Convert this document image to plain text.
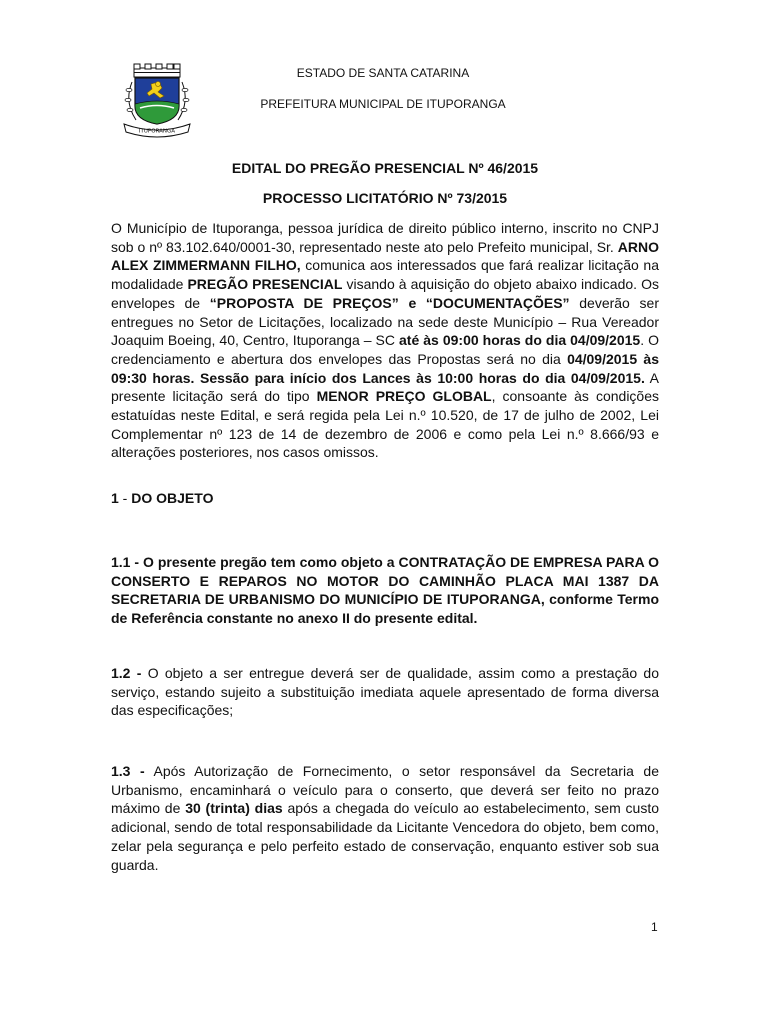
ITUPORANGA
ESTADO DE SANTA CATARINA
PREFEITURA MUNICIPAL DE ITUPORANGA
EDITAL DO PREGÃO PRESENCIAL Nº 46/2015
PROCESSO LICITATÓRIO Nº 73/2015

O Município de Ituporanga, pessoa jurídica de direito público interno, inscrito no CNPJ sob o nº 83.102.640/0001-30, representado neste ato pelo Prefeito municipal, Sr. ARNO ALEX ZIMMERMANN FILHO, comunica aos interessados que fará realizar licitação na modalidade PREGÃO PRESENCIAL visando à aquisição do objeto abaixo indicado. Os envelopes de “PROPOSTA DE PREÇOS” e “DOCUMENTAÇÕES” deverão ser entregues no Setor de Licitações, localizado na sede deste Município – Rua Vereador Joaquim Boeing, 40, Centro, Ituporanga – SC até às 09:00 horas do dia 04/09/2015. O credenciamento e abertura dos envelopes das Propostas será no dia 04/09/2015 às 09:30 horas. Sessão para início dos Lances às 10:00 horas do dia 04/09/2015. A presente licitação será do tipo MENOR PREÇO GLOBAL, consoante às condições estatuídas neste Edital, e será regida pela Lei n.º 10.520, de 17 de julho de 2002, Lei Complementar nº 123 de 14 de dezembro de 2006 e como pela Lei n.º 8.666/93 e alterações posteriores, nos casos omissos.

1 - DO OBJETO

1.1 - O presente pregão tem como objeto a CONTRATAÇÃO DE EMPRESA PARA O CONSERTO E REPAROS NO MOTOR DO CAMINHÃO PLACA MAI 1387 DA SECRETARIA DE URBANISMO DO MUNICÍPIO DE ITUPORANGA, conforme Termo de Referência constante no anexo II do presente edital.

1.2 - O objeto a ser entregue deverá ser de qualidade, assim como a prestação do serviço, estando sujeito a substituição imediata aquele apresentado de forma diversa das especificações;

1.3 - Após Autorização de Fornecimento, o setor responsável da Secretaria de Urbanismo, encaminhará o veículo para o conserto, que deverá ser feito no prazo máximo de 30 (trinta) dias após a chegada do veículo ao estabelecimento, sem custo adicional, sendo de total responsabilidade da Licitante Vencedora do objeto, bem como, zelar pela segurança e pelo perfeito estado de conservação, enquanto estiver sob sua guarda.

1
